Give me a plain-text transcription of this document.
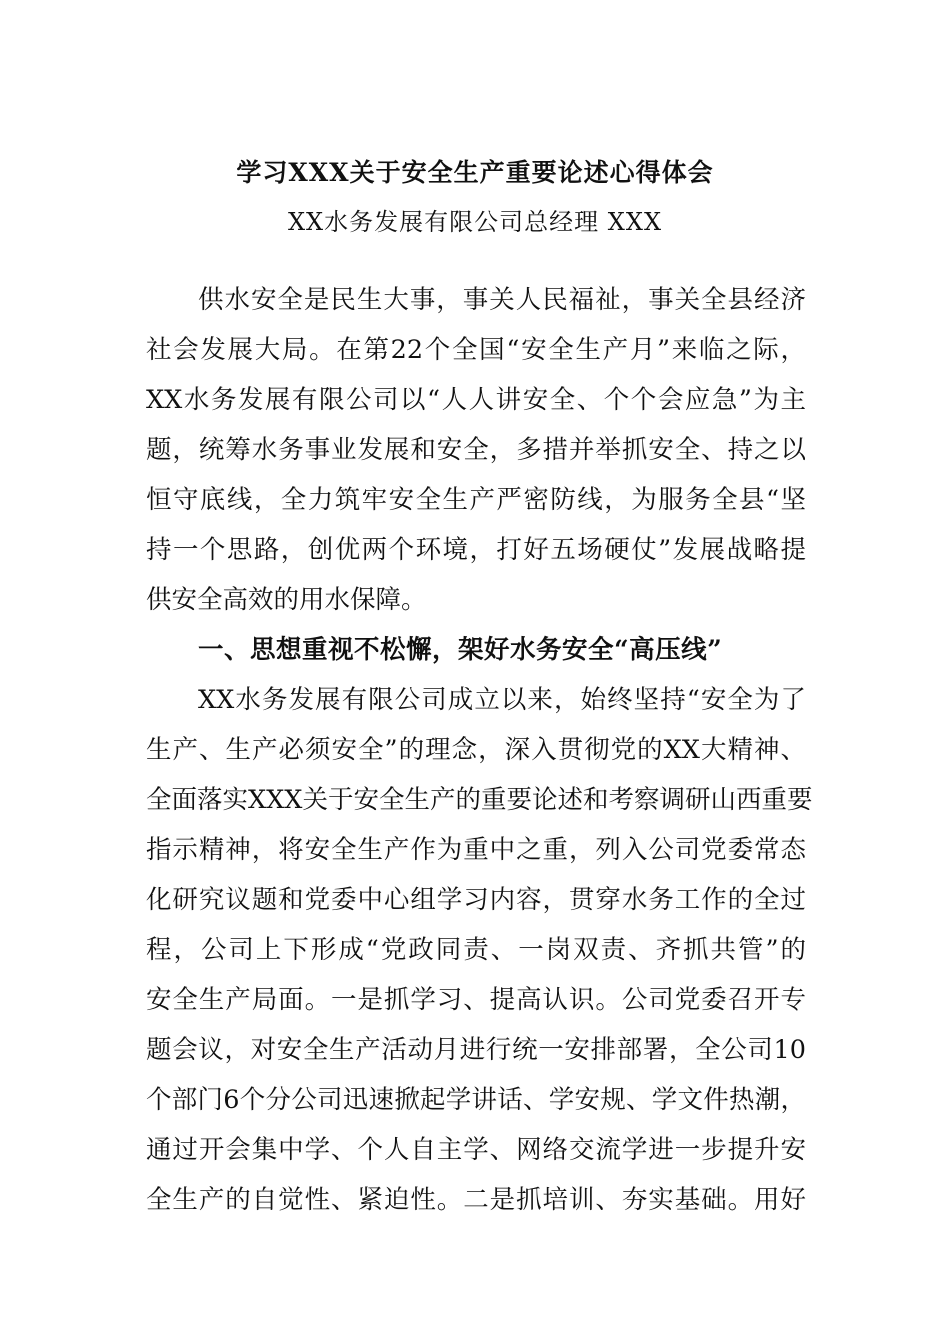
学习XXX关于安全生产重要论述心得体会
XX水务发展有限公司总经理 XXX
供水安全是民生大事，事关人民福祉，事关全县经济
社会发展大局。在第22个全国“安全生产月”来临之际，
XX水务发展有限公司以“人人讲安全、个个会应急”为主
题，统筹水务事业发展和安全，多措并举抓安全、持之以
恒守底线，全力筑牢安全生产严密防线，为服务全县“坚
持一个思路，创优两个环境，打好五场硬仗”发展战略提
供安全高效的用水保障。
一、思想重视不松懈，架好水务安全“高压线”
XX水务发展有限公司成立以来，始终坚持“安全为了
生产、生产必须安全”的理念，深入贯彻党的XX大精神、
全面落实XXX关于安全生产的重要论述和考察调研山西重要
指示精神，将安全生产作为重中之重，列入公司党委常态
化研究议题和党委中心组学习内容，贯穿水务工作的全过
程，公司上下形成“党政同责、一岗双责、齐抓共管”的
安全生产局面。一是抓学习、提高认识。公司党委召开专
题会议，对安全生产活动月进行统一安排部署，全公司10
个部门6个分公司迅速掀起学讲话、学安规、学文件热潮，
通过开会集中学、个人自主学、网络交流学进一步提升安
全生产的自觉性、紧迫性。二是抓培训、夯实基础。用好
